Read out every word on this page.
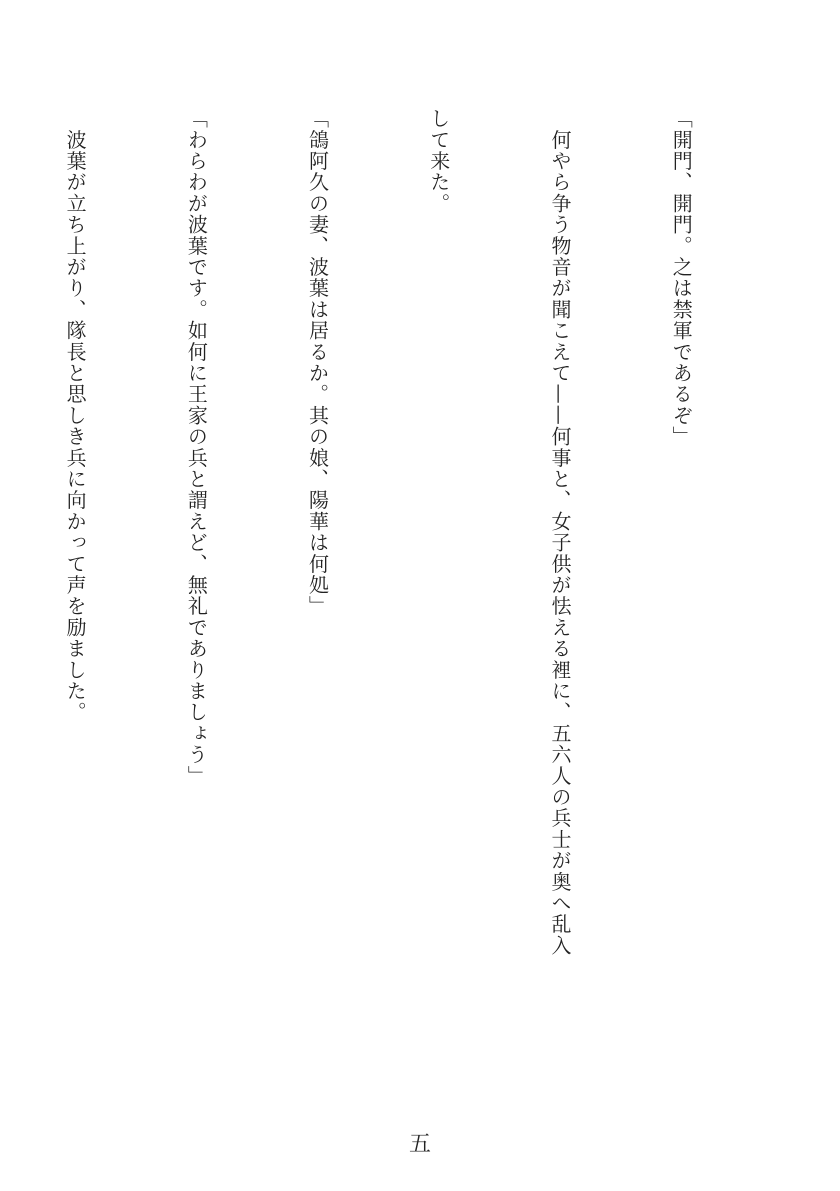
「開門、開門。之は禁軍であるぞ」

　何やら争う物音が聞こえて——何事と、女子供が怯える裡に、五六人の兵士が奥へ乱入

して来た。

「鴿阿久の妻、波葉は居るか。其の娘、陽華は何処」

「わらわが波葉です。如何に王家の兵と謂えど、無礼でありましょう」

　波葉が立ち上がり、隊長と思しき兵に向かって声を励ました。

五
